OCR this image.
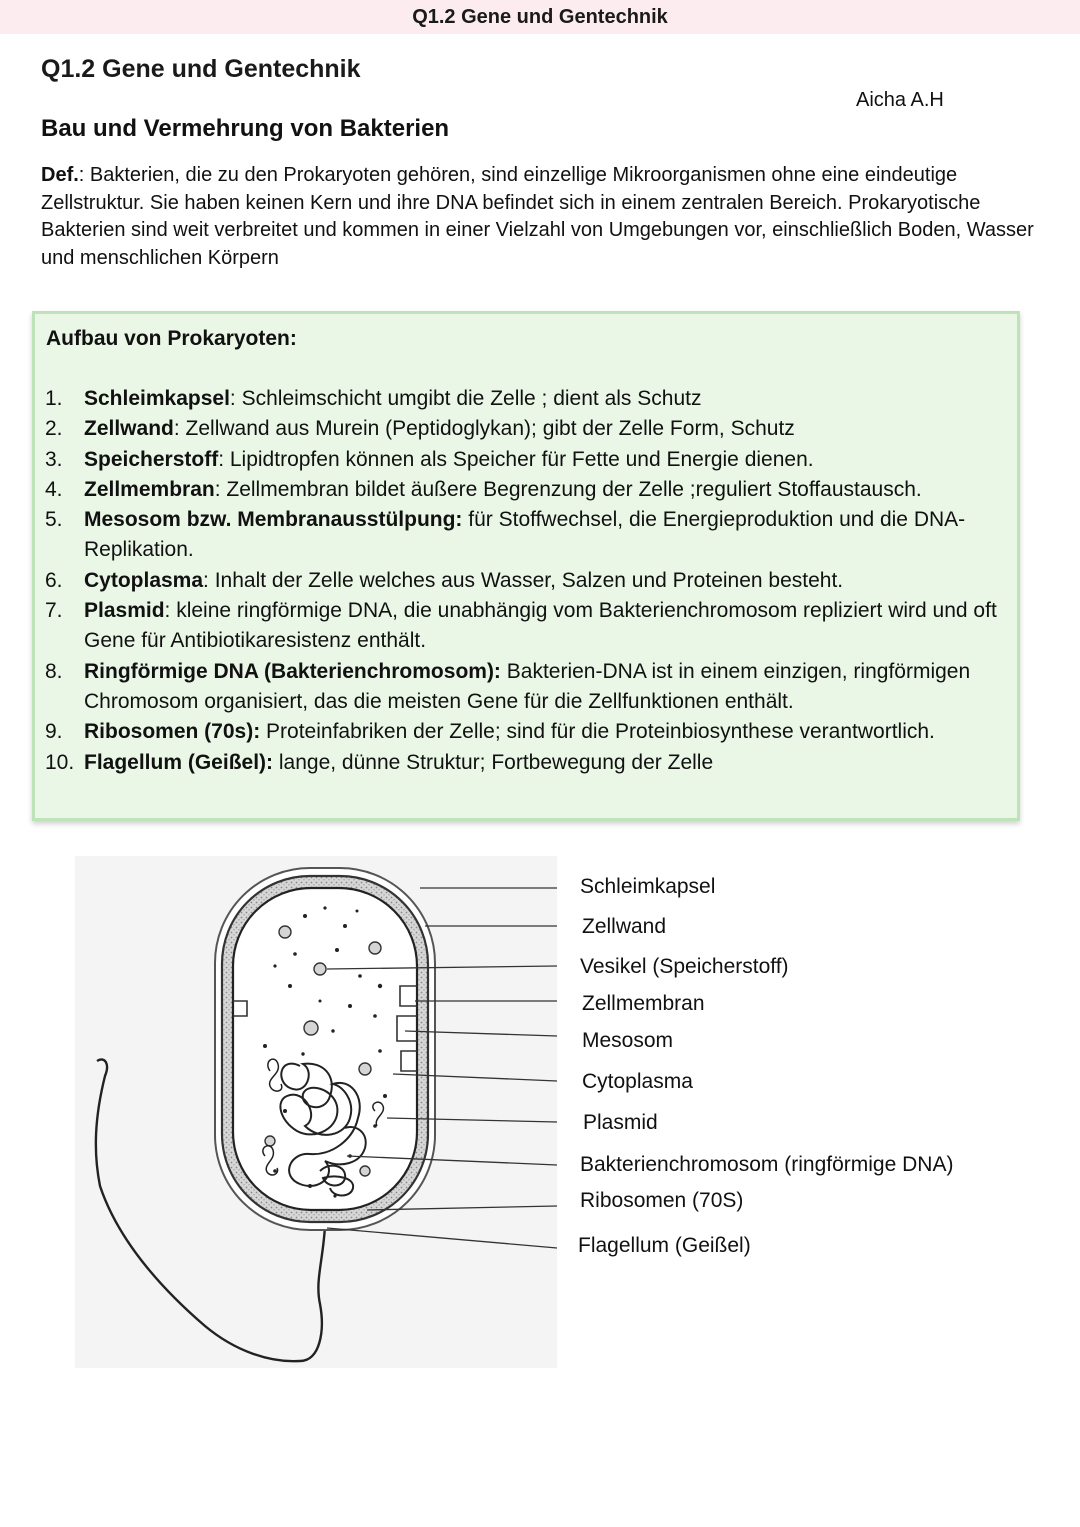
Q1.2 Gene und Gentechnik
Q1.2 Gene und Gentechnik
Aicha A.H
Bau und Vermehrung von Bakterien
Def.: Bakterien, die zu den Prokaryoten gehören, sind einzellige Mikroorganismen ohne eine eindeutige Zellstruktur. Sie haben keinen Kern und ihre DNA befindet sich in einem zentralen Bereich. Prokaryotische Bakterien sind weit verbreitet und kommen in einer Vielzahl von Umgebungen vor, einschließlich Boden, Wasser und menschlichen Körpern
Aufbau von Prokaryoten:
1.	Schleimkapsel: Schleimschicht umgibt die Zelle ; dient als Schutz
2.	Zellwand: Zellwand aus Murein (Peptidoglykan); gibt der Zelle Form, Schutz
3.	Speicherstoff: Lipidtropfen können als Speicher für Fette und Energie dienen.
4.	Zellmembran: Zellmembran bildet äußere Begrenzung der Zelle ;reguliert Stoffaustausch.
5.	Mesosom bzw. Membranausstülpung: für Stoffwechsel, die Energieproduktion und die DNA-Replikation.
6.	Cytoplasma: Inhalt der Zelle welches aus Wasser, Salzen und Proteinen besteht.
7.	Plasmid: kleine ringförmige DNA, die unabhängig vom Bakterienchromosom repliziert wird und oft Gene für Antibiotikaresistenz enthält.
8.	Ringförmige DNA (Bakterienchromosom): Bakterien-DNA ist in einem einzigen, ringförmigen Chromosom organisiert, das die meisten Gene für die Zellfunktionen enthält.
9.	Ribosomen (70s): Proteinfabriken der Zelle; sind für die Proteinbiosynthese verantwortlich.
10. Flagellum (Geißel): lange, dünne Struktur; Fortbewegung der Zelle
Schleimkapsel
Zellwand
Vesikel (Speicherstoff)
Zellmembran
Mesosom
Cytoplasma
Plasmid
Bakterienchromosom (ringförmige DNA)
Ribosomen (70S)
Flagellum (Geißel)
